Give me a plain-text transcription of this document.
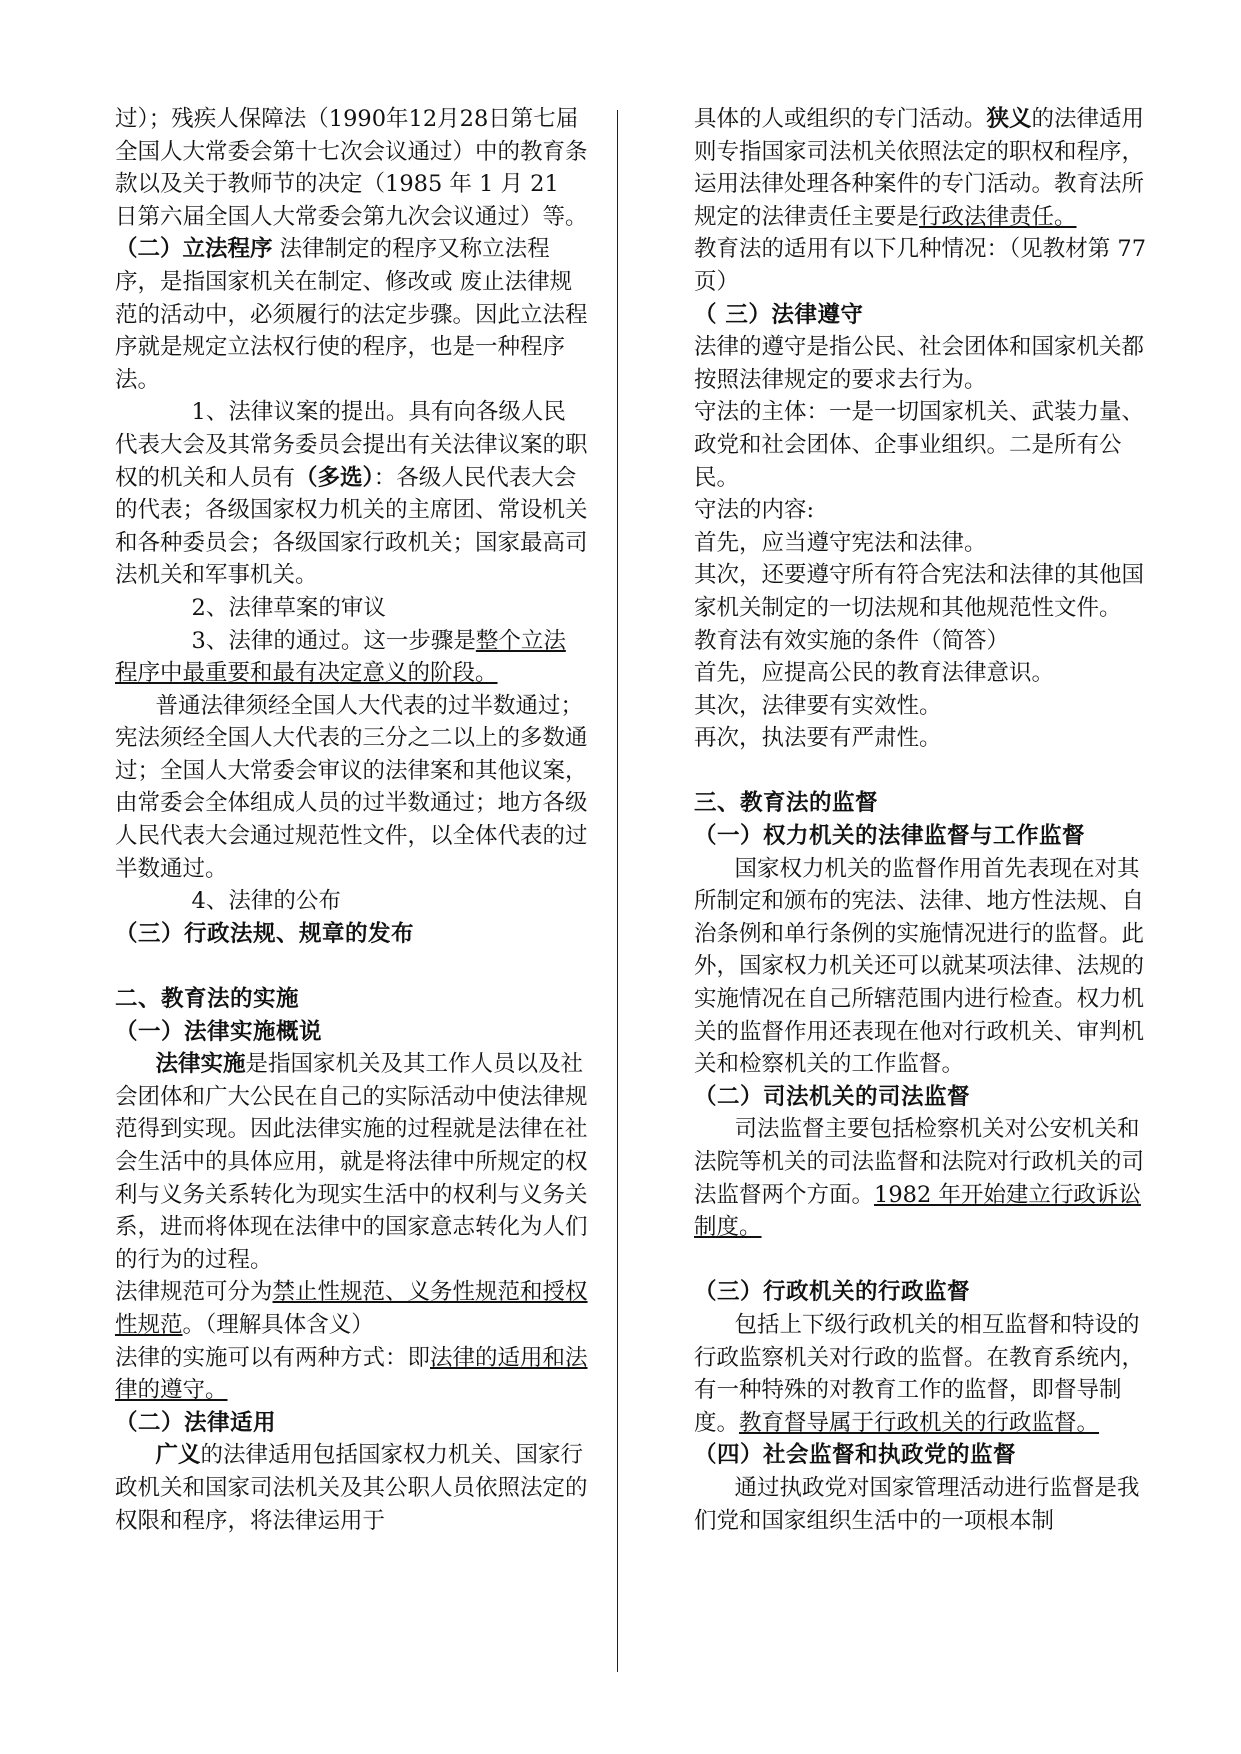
过）；残疾人保障法（1990年12月28日第七届全国人大常委会第十七次会议通过）中的教育条款以及关于教师节的决定（1985 年 1 月 21 日第六届全国人大常委会第九次会议通过）等。

（二）立法程序 法律制定的程序又称立法程序，是指国家机关在制定、修改或 废止法律规范的活动中，必须履行的法定步骤。因此立法程序就是规定立法权行使的程序，也是一种程序法。

1、法律议案的提出。具有向各级人民代表大会及其常务委员会提出有关法律议案的职权的机关和人员有（多选）：各级人民代表大会的代表；各级国家权力机关的主席团、常设机关和各种委员会；各级国家行政机关；国家最高司法机关和军事机关。

2、法律草案的审议

3、法律的通过。这一步骤是整个立法程序中最重要和最有决定意义的阶段。

普通法律须经全国人大代表的过半数通过；宪法须经全国人大代表的三分之二以上的多数通过；全国人大常委会审议的法律案和其他议案，由常委会全体组成人员的过半数通过；地方各级人民代表大会通过规范性文件，以全体代表的过半数通过。

4、法律的公布

（三）行政法规、规章的发布

二、教育法的实施

（一）法律实施概说

法律实施是指国家机关及其工作人员以及社会团体和广大公民在自己的实际活动中使法律规范得到实现。因此法律实施的过程就是法律在社会生活中的具体应用，就是将法律中所规定的权利与义务关系转化为现实生活中的权利与义务关系，进而将体现在法律中的国家意志转化为人们的行为的过程。

法律规范可分为禁止性规范、义务性规范和授权性规范。（理解具体含义）

法律的实施可以有两种方式：即法律的适用和法律的遵守。

（二）法律适用

广义的法律适用包括国家权力机关、国家行政机关和国家司法机关及其公职人员依照法定的权限和程序，将法律运用于

具体的人或组织的专门活动。狭义的法律适用则专指国家司法机关依照法定的职权和程序，运用法律处理各种案件的专门活动。教育法所规定的法律责任主要是行政法律责任。

教育法的适用有以下几种情况：（见教材第 77 页）

（ 三）法律遵守

法律的遵守是指公民、社会团体和国家机关都按照法律规定的要求去行为。

守法的主体：一是一切国家机关、武装力量、政党和社会团体、企事业组织。二是所有公民。

守法的内容:

首先，应当遵守宪法和法律。

其次，还要遵守所有符合宪法和法律的其他国家机关制定的一切法规和其他规范性文件。

教育法有效实施的条件（简答）

首先，应提高公民的教育法律意识。

其次，法律要有实效性。

再次，执法要有严肃性。

三、教育法的监督

（一）权力机关的法律监督与工作监督

国家权力机关的监督作用首先表现在对其所制定和颁布的宪法、法律、地方性法规、自治条例和单行条例的实施情况进行的监督。此外，国家权力机关还可以就某项法律、法规的实施情况在自己所辖范围内进行检查。权力机关的监督作用还表现在他对行政机关、审判机关和检察机关的工作监督。

（二）司法机关的司法监督

司法监督主要包括检察机关对公安机关和法院等机关的司法监督和法院对行政机关的司法监督两个方面。1982 年开始建立行政诉讼制度。

（三）行政机关的行政监督

包括上下级行政机关的相互监督和特设的行政监察机关对行政的监督。在教育系统内，有一种特殊的对教育工作的监督，即督导制度。教育督导属于行政机关的行政监督。

（四）社会监督和执政党的监督

通过执政党对国家管理活动进行监督是我们党和国家组织生活中的一项根本制
